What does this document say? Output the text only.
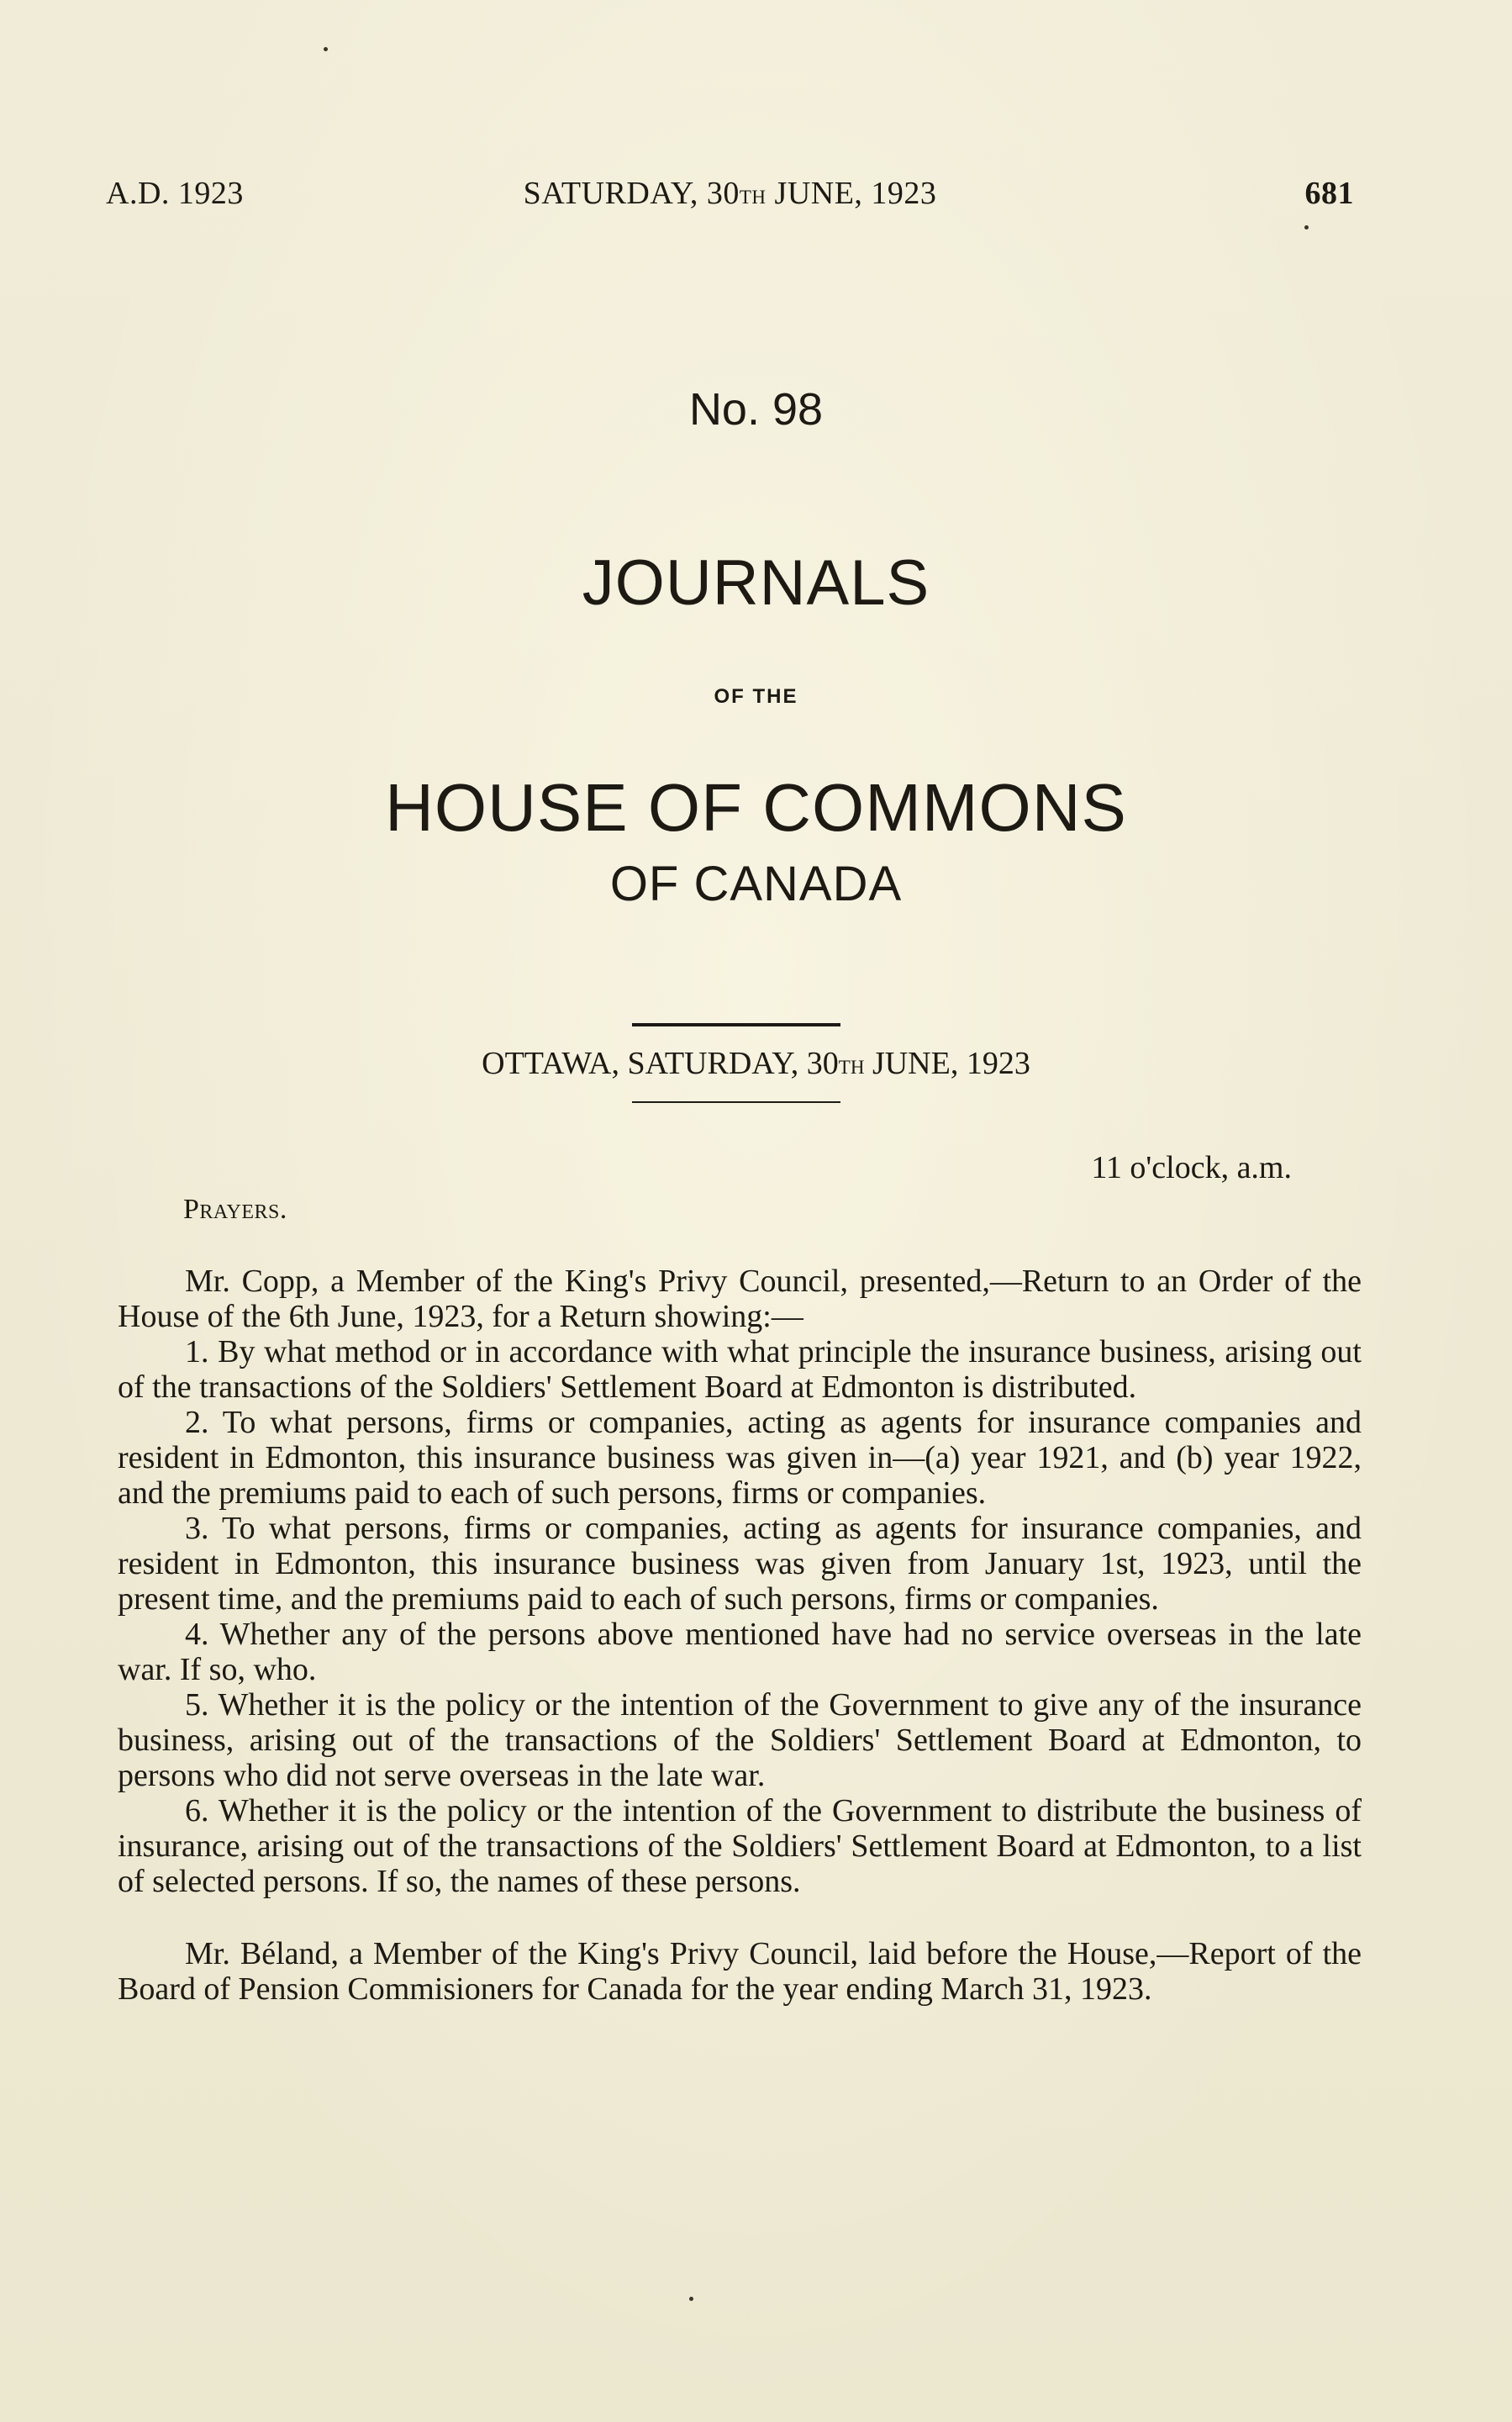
A.D. 1923	SATURDAY, 30th JUNE, 1923	681
No. 98
JOURNALS
OF THE
HOUSE OF COMMONS
OF CANADA
OTTAWA, SATURDAY, 30th JUNE, 1923
11 o'clock, a.m.
Prayers.

Mr. Copp, a Member of the King's Privy Council, presented,—Return to an Order of the House of the 6th June, 1923, for a Return showing:—

1. By what method or in accordance with what principle the insurance business, arising out of the transactions of the Soldiers' Settlement Board at Edmonton is distributed.

2. To what persons, firms or companies, acting as agents for insurance companies and resident in Edmonton, this insurance business was given in—(a) year 1921, and (b) year 1922, and the premiums paid to each of such persons, firms or companies.

3. To what persons, firms or companies, acting as agents for insurance companies, and resident in Edmonton, this insurance business was given from January 1st, 1923, until the present time, and the premiums paid to each of such persons, firms or companies.

4. Whether any of the persons above mentioned have had no service overseas in the late war. If so, who.

5. Whether it is the policy or the intention of the Government to give any of the insurance business, arising out of the transactions of the Soldiers' Settlement Board at Edmonton, to persons who did not serve overseas in the late war.

6. Whether it is the policy or the intention of the Government to distribute the business of insurance, arising out of the transactions of the Soldiers' Settlement Board at Edmonton, to a list of selected persons. If so, the names of these persons.

Mr. Béland, a Member of the King's Privy Council, laid before the House,—Report of the Board of Pension Commisioners for Canada for the year ending March 31, 1923.
